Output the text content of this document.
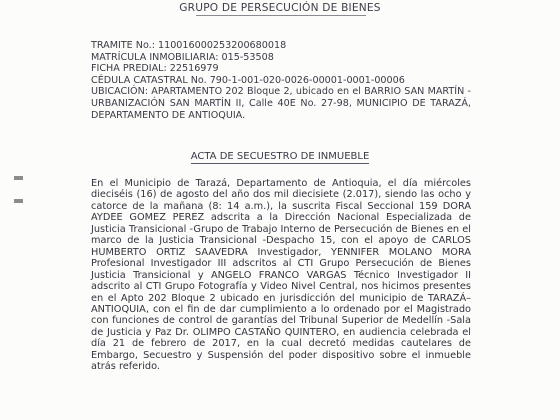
GRUPO DE PERSECUCIÓN DE BIENES
TRAMITE No.: 110016000253200680018
MATRÍCULA INMOBILIARIA: 015-53508
FICHA PREDIAL: 22516979
CÉDULA CATASTRAL No. 790-1-001-020-0026-00001-0001-00006
UBICACIÓN: APARTAMENTO 202 Bloque 2, ubicado en el BARRIO SAN MARTÍN -URBANIZACIÓN SAN MARTÍN II, Calle 40E No. 27-98, MUNICIPIO DE TARAZÁ, DEPARTAMENTO DE ANTIOQUIA.
ACTA DE SECUESTRO DE INMUEBLE
En el Municipio de Tarazá, Departamento de Antioquia, el día miércoles dieciséis (16) de agosto del año dos mil diecisiete (2.017), siendo las ocho y catorce de la mañana (8: 14 a.m.), la suscrita Fiscal Seccional 159 DORA AYDEE GOMEZ PEREZ adscrita a la Dirección Nacional Especializada de Justicia Transicional -Grupo de Trabajo Interno de Persecución de Bienes en el marco de la Justicia Transicional -Despacho 15, con el apoyo de CARLOS HUMBERTO ORTIZ SAAVEDRA Investigador, YENNIFER MOLANO MORA Profesional Investigador III adscritos al CTI Grupo Persecución de Bienes Justicia Transicional y ANGELO FRANCO VARGAS Técnico Investigador II adscrito al CTI Grupo Fotografía y Video Nivel Central, nos hicimos presentes en el Apto 202 Bloque 2 ubicado en jurisdicción del municipio de TARAZÁ–ANTIOQUIA, con el fin de dar cumplimiento a lo ordenado por el Magistrado con funciones de control de garantías del Tribunal Superior de Medellín -Sala de Justicia y Paz Dr. OLIMPO CASTAÑO QUINTERO, en audiencia celebrada el día 21 de febrero de 2017, en la cual decretó medidas cautelares de Embargo, Secuestro y Suspensión del poder dispositivo sobre el inmueble atrás referido.
